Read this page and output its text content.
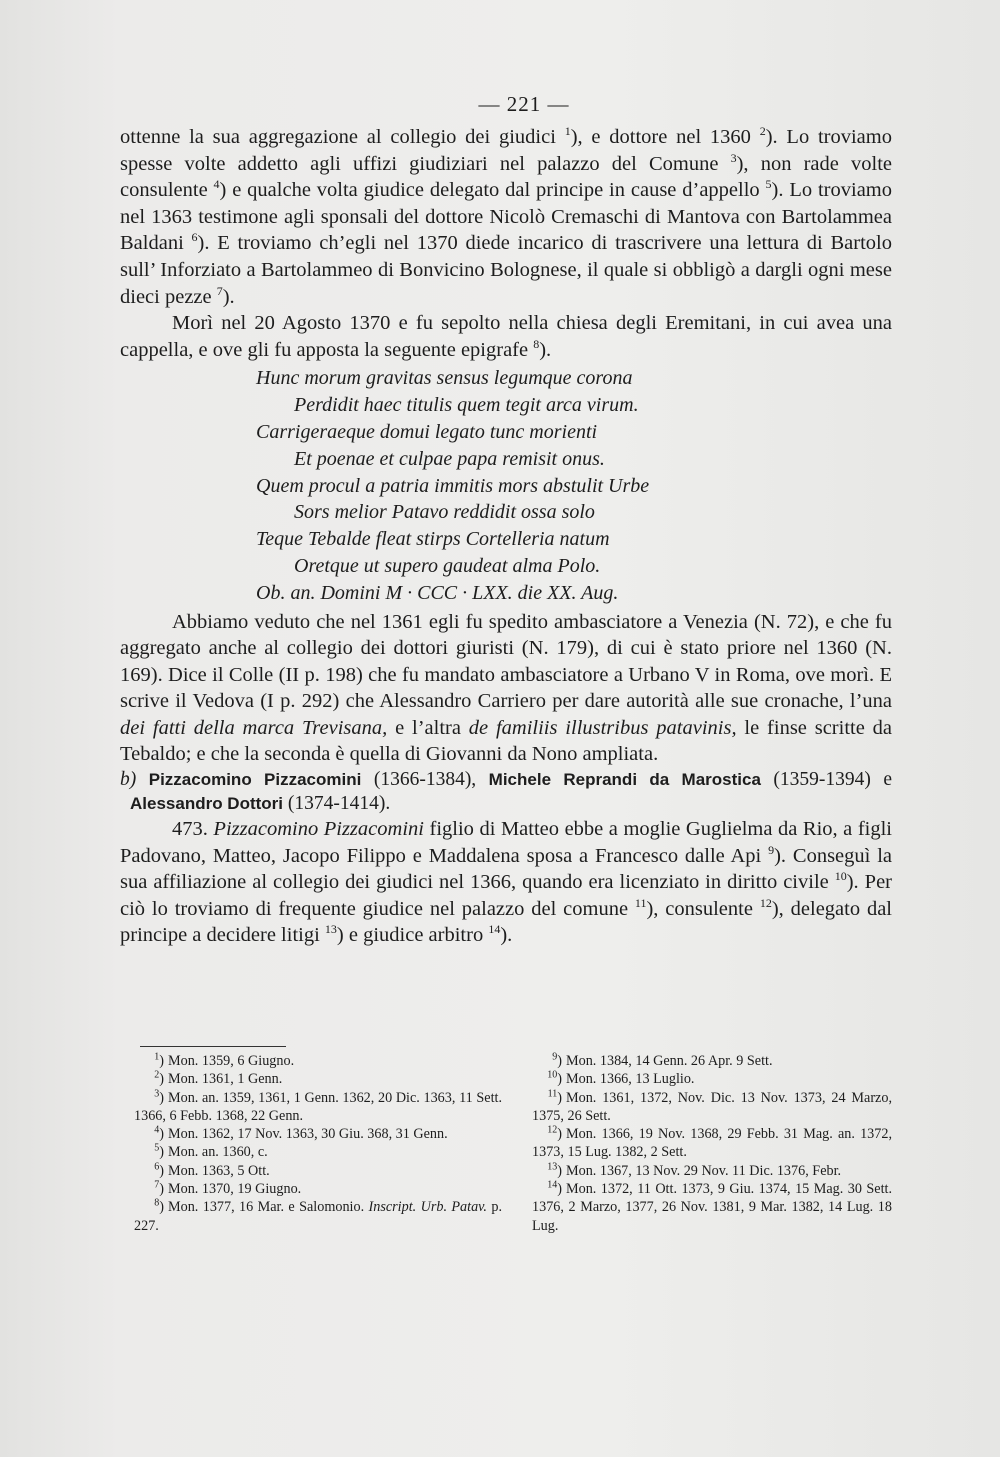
— 221 —

ottenne la sua aggregazione al collegio dei giudici $^1$), e dottore nel 1360 $^2$). Lo troviamo spesse volte addetto agli uffizi giudiziari nel palazzo del Comune $^3$), non rade volte consulente $^4$) e qualche volta giudice delegato dal principe in cause d’appello $^5$). Lo troviamo nel 1363 testimone agli sponsali del dottore Nicolò Cremaschi di Mantova con Bartolammea Baldani $^6$). E troviamo ch’egli nel 1370 diede incarico di trascrivere una lettura di Bartolo sull’ Inforziato a Bartolammeo di Bonvicino Bolognese, il quale si obbligò a dargli ogni mese dieci pezze $^7$).

Morì nel 20 Agosto 1370 e fu sepolto nella chiesa degli Eremitani, in cui avea una cappella, e ove gli fu apposta la seguente epigrafe $^8$).

Hunc morum gravitas sensus legumque corona
Perdidit haec titulis quem tegit arca virum.
Carrigeraeque domui legato tunc morienti
Et poenae et culpae papa remisit onus.
Quem procul a patria immitis mors abstulit Urbe
Sors melior Patavo reddidit ossa solo
Teque Tebalde fleat stirps Cortelleria natum
Oretque ut supero gaudeat alma Polo.
Ob. an. Domini M · CCC · LXX. die XX. Aug.

Abbiamo veduto che nel 1361 egli fu spedito ambasciatore a Venezia (N. 72), e che fu aggregato anche al collegio dei dottori giuristi (N. 179), di cui è stato priore nel 1360 (N. 169). Dice il Colle (II p. 198) che fu mandato ambasciatore a Urbano V in Roma, ove morì. E scrive il Vedova (I p. 292) che Alessandro Carriero per dare autorità alle sue cronache, l’una dei fatti della marca Trevisana, e l’altra de familiis illustribus patavinis, le finse scritte da Tebaldo; e che la seconda è quella di Giovanni da Nono ampliata.

b) Pizzacomino Pizzacomini (1366-1384), Michele Reprandi da Marostica (1359-1394) e Alessandro Dottori (1374-1414).

473. Pizzacomino Pizzacomini figlio di Matteo ebbe a moglie Guglielma da Rio, a figli Padovano, Matteo, Jacopo Filippo e Maddalena sposa a Francesco dalle Api $^9$). Conseguì la sua affiliazione al collegio dei giudici nel 1366, quando era licenziato in diritto civile $^{10}$). Per ciò lo troviamo di frequente giudice nel palazzo del comune $^{11}$), consulente $^{12}$), delegato dal principe a decidere litigi $^{13}$) e giudice arbitro $^{14}$).

$^1$) Mon. 1359, 6 Giugno.
$^2$) Mon. 1361, 1 Genn.
$^3$) Mon. an. 1359, 1361, 1 Genn. 1362, 20 Dic. 1363, 11 Sett. 1366, 6 Febb. 1368, 22 Genn.
$^4$) Mon. 1362, 17 Nov. 1363, 30 Giu. 368, 31 Genn.
$^5$) Mon. an. 1360, c.
$^6$) Mon. 1363, 5 Ott.
$^7$) Mon. 1370, 19 Giugno.
$^8$) Mon. 1377, 16 Mar. e Salomonio. Inscript. Urb. Patav. p. 227.
$^9$) Mon. 1384, 14 Genn. 26 Apr. 9 Sett.
$^{10}$) Mon. 1366, 13 Luglio.
$^{11}$) Mon. 1361, 1372, Nov. Dic. 13 Nov. 1373, 24 Marzo, 1375, 26 Sett.
$^{12}$) Mon. 1366, 19 Nov. 1368, 29 Febb. 31 Mag. an. 1372, 1373, 15 Lug. 1382, 2 Sett.
$^{13}$) Mon. 1367, 13 Nov. 29 Nov. 11 Dic. 1376, Febr.
$^{14}$) Mon. 1372, 11 Ott. 1373, 9 Giu. 1374, 15 Mag. 30 Sett. 1376, 2 Marzo, 1377, 26 Nov. 1381, 9 Mar. 1382, 14 Lug. 18 Lug.
